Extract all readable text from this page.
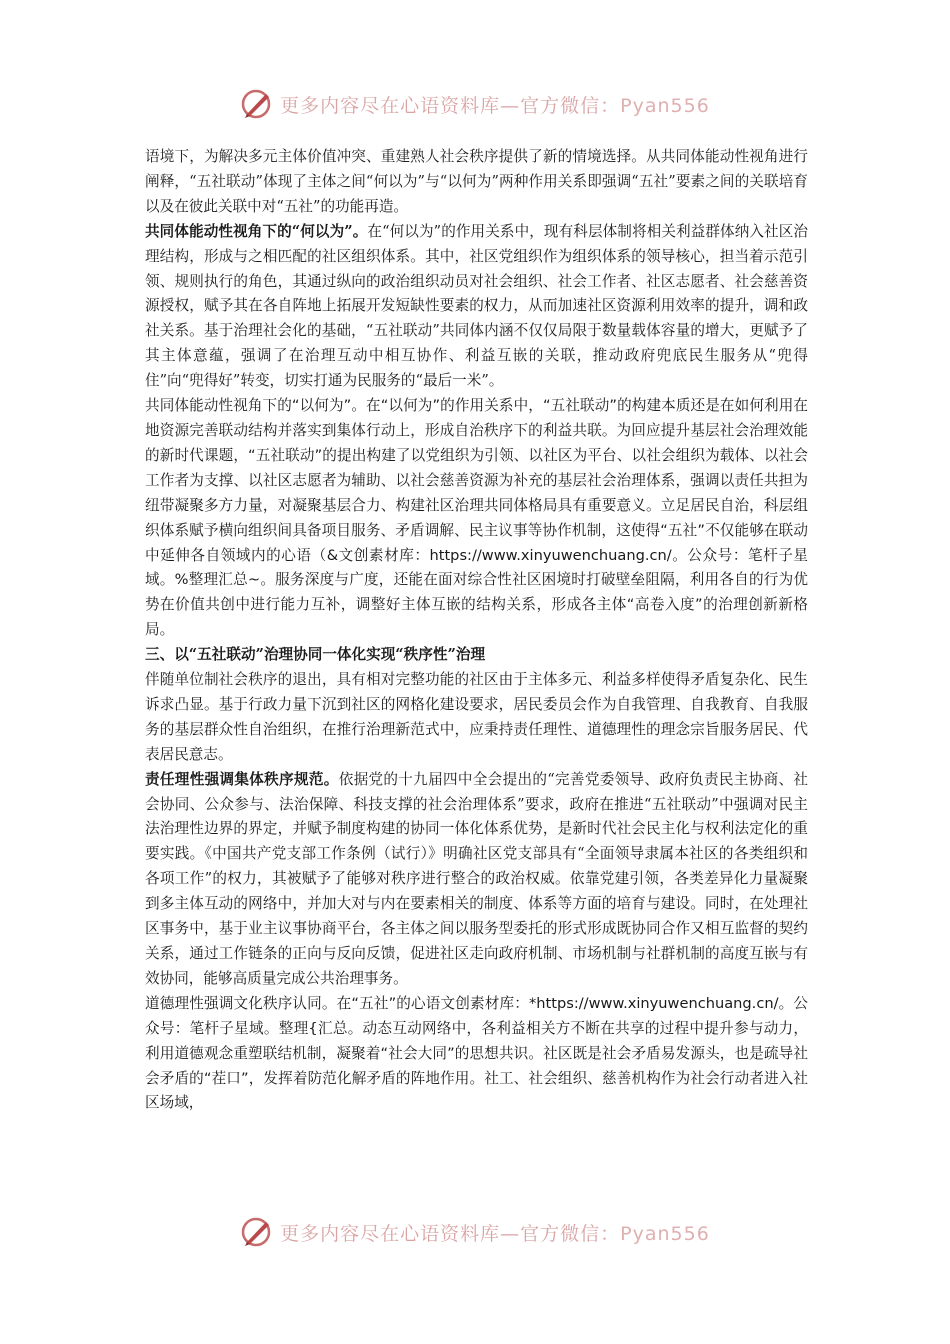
更多内容尽在心语资料库—官方微信：Pyan556

语境下，为解决多元主体价值冲突、重建熟人社会秩序提供了新的情境选择。从共同体能动性视角进行阐释，“五社联动”体现了主体之间“何以为”与“以何为”两种作用关系即强调“五社”要素之间的关联培育以及在彼此关联中对“五社”的功能再造。

共同体能动性视角下的“何以为”。在“何以为”的作用关系中，现有科层体制将相关利益群体纳入社区治理结构，形成与之相匹配的社区组织体系。其中，社区党组织作为组织体系的领导核心，担当着示范引领、规则执行的角色，其通过纵向的政治组织动员对社会组织、社会工作者、社区志愿者、社会慈善资源授权，赋予其在各自阵地上拓展开发短缺性要素的权力，从而加速社区资源利用效率的提升，调和政社关系。基于治理社会化的基础，“五社联动”共同体内涵不仅仅局限于数量载体容量的增大，更赋予了其主体意蕴，强调了在治理互动中相互协作、利益互嵌的关联，推动政府兜底民生服务从“兜得住”向“兜得好”转变，切实打通为民服务的“最后一米”。

共同体能动性视角下的“以何为”。在“以何为”的作用关系中，“五社联动”的构建本质还是在如何利用在地资源完善联动结构并落实到集体行动上，形成自治秩序下的利益共联。为回应提升基层社会治理效能的新时代课题，“五社联动”的提出构建了以党组织为引领、以社区为平台、以社会组织为载体、以社会工作者为支撑、以社区志愿者为辅助、以社会慈善资源为补充的基层社会治理体系，强调以责任共担为纽带凝聚多方力量，对凝聚基层合力、构建社区治理共同体格局具有重要意义。立足居民自治，科层组织体系赋予横向组织间具备项目服务、矛盾调解、民主议事等协作机制，这使得“五社”不仅能够在联动中延伸各自领域内的心语（&文创素材库：https://www.xinyuwenchuang.cn/。公众号：笔杆子星域。%整理汇总~。服务深度与广度，还能在面对综合性社区困境时打破壁垒阻隔，利用各自的行为优势在价值共创中进行能力互补，调整好主体互嵌的结构关系，形成各主体“高卷入度”的治理创新新格局。

三、以“五社联动”治理协同一体化实现“秩序性”治理

伴随单位制社会秩序的退出，具有相对完整功能的社区由于主体多元、利益多样使得矛盾复杂化、民生诉求凸显。基于行政力量下沉到社区的网格化建设要求，居民委员会作为自我管理、自我教育、自我服务的基层群众性自治组织，在推行治理新范式中，应秉持责任理性、道德理性的理念宗旨服务居民、代表居民意志。

责任理性强调集体秩序规范。依据党的十九届四中全会提出的“完善党委领导、政府负责民主协商、社会协同、公众参与、法治保障、科技支撑的社会治理体系”要求，政府在推进“五社联动”中强调对民主法治理性边界的界定，并赋予制度构建的协同一体化体系优势，是新时代社会民主化与权利法定化的重要实践。《中国共产党支部工作条例（试行）》明确社区党支部具有“全面领导隶属本社区的各类组织和各项工作”的权力，其被赋予了能够对秩序进行整合的政治权威。依靠党建引领，各类差异化力量凝聚到多主体互动的网络中，并加大对与内在要素相关的制度、体系等方面的培育与建设。同时，在处理社区事务中，基于业主议事协商平台，各主体之间以服务型委托的形式形成既协同合作又相互监督的契约关系，通过工作链条的正向与反向反馈，促进社区走向政府机制、市场机制与社群机制的高度互嵌与有效协同，能够高质量完成公共治理事务。

道德理性强调文化秩序认同。在“五社”的心语文创素材库：*https://www.xinyuwenchuang.cn/。公众号：笔杆子星域。整理{汇总。动态互动网络中，各利益相关方不断在共享的过程中提升参与动力，利用道德观念重塑联结机制，凝聚着“社会大同”的思想共识。社区既是社会矛盾易发源头，也是疏导社会矛盾的“茬口”，发挥着防范化解矛盾的阵地作用。社工、社会组织、慈善机构作为社会行动者进入社区场域，

更多内容尽在心语资料库—官方微信：Pyan556
